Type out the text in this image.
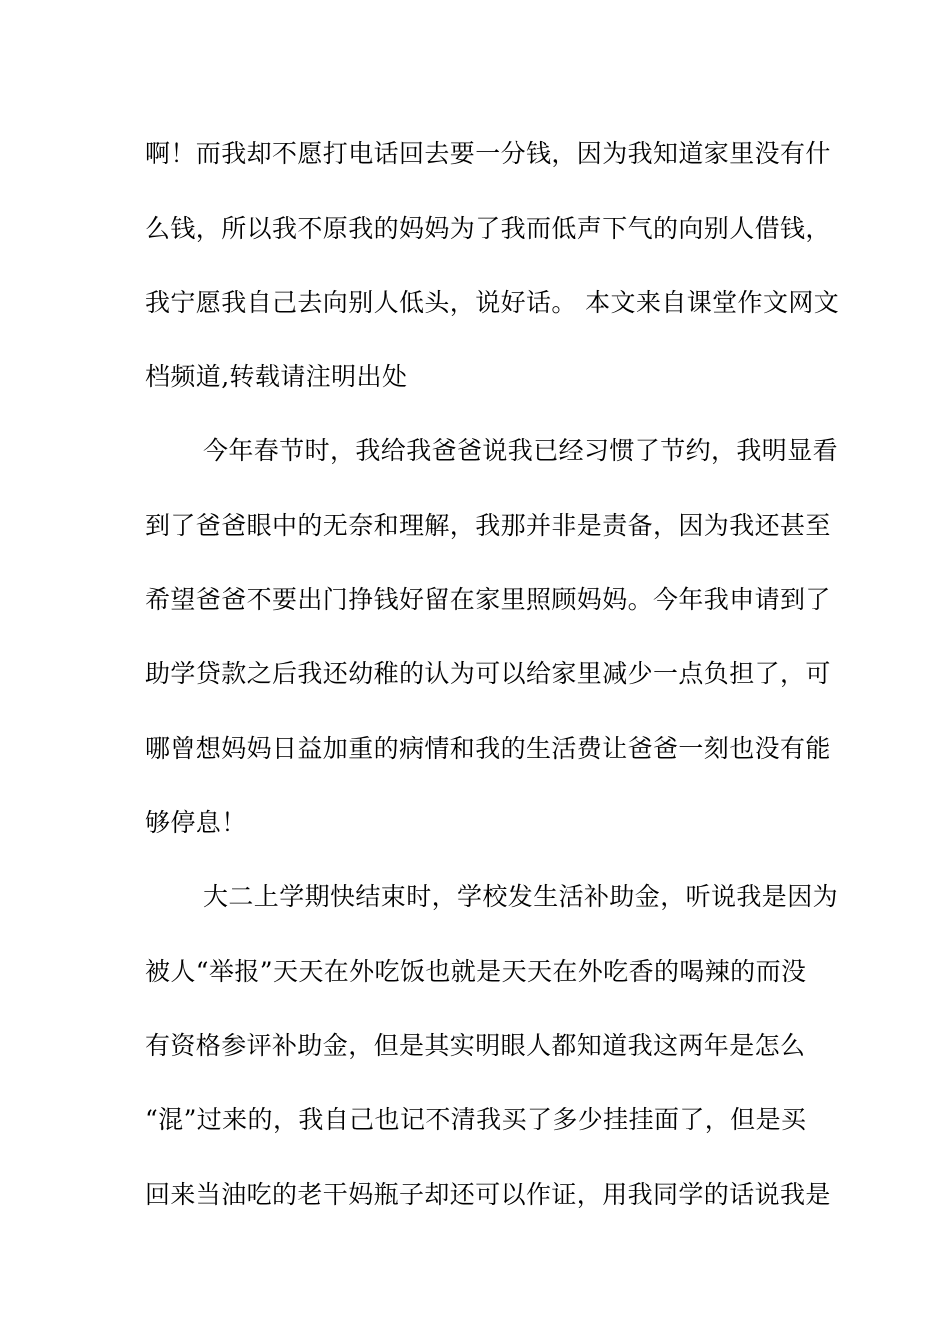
啊！而我却不愿打电话回去要一分钱，因为我知道家里没有什
么钱，所以我不原我的妈妈为了我而低声下气的向别人借钱，
我宁愿我自己去向别人低头，说好话。 本文来自课堂作文网文
档频道,转载请注明出处
今年春节时，我给我爸爸说我已经习惯了节约，我明显看
到了爸爸眼中的无奈和理解，我那并非是责备，因为我还甚至
希望爸爸不要出门挣钱好留在家里照顾妈妈。今年我申请到了
助学贷款之后我还幼稚的认为可以给家里减少一点负担了，可
哪曾想妈妈日益加重的病情和我的生活费让爸爸一刻也没有能
够停息！
大二上学期快结束时，学校发生活补助金，听说我是因为
被人“举报”天天在外吃饭也就是天天在外吃香的喝辣的而没
有资格参评补助金，但是其实明眼人都知道我这两年是怎么
“混”过来的，我自己也记不清我买了多少挂挂面了，但是买
回来当油吃的老干妈瓶子却还可以作证，用我同学的话说我是
